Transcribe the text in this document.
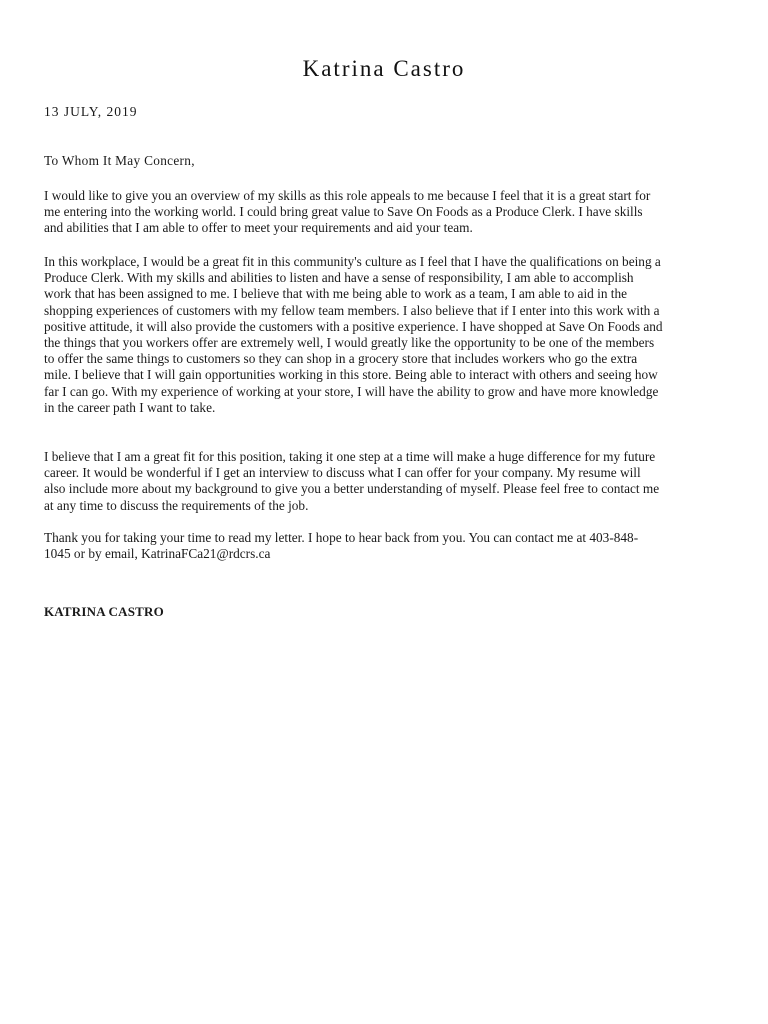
Katrina Castro
13 JULY, 2019

To Whom It May Concern,

I would like to give you an overview of my skills as this role appeals to me because I feel that it is a great start for me entering into the working world. I could bring great value to Save On Foods as a Produce Clerk. I have skills and abilities that I am able to offer to meet your requirements and aid your team.

In this workplace, I would be a great fit in this community's culture as I feel that I have the qualifications on being a Produce Clerk. With my skills and abilities to listen and have a sense of responsibility, I am able to accomplish work that has been assigned to me. I believe that with me being able to work as a team, I am able to aid in the shopping experiences of customers with my fellow team members. I also believe that if I enter into this work with a positive attitude, it will also provide the customers with a positive experience. I have shopped at Save On Foods and the things that you workers offer are extremely well, I would greatly like the opportunity to be one of the members to offer the same things to customers so they can shop in a grocery store that includes workers who go the extra mile. I believe that I will gain opportunities working in this store. Being able to interact with others and seeing how far I can go. With my experience of working at your store, I will have the ability to grow and have more knowledge in the career path I want to take.

I believe that I am a great fit for this position, taking it one step at a time will make a huge difference for my future career. It would be wonderful if I get an interview to discuss what I can offer for your company. My resume will also include more about my background to give you a better understanding of myself. Please feel free to contact me at any time to discuss the requirements of the job.

Thank you for taking your time to read my letter. I hope to hear back from you. You can contact me at 403-848-1045 or by email, KatrinaFCa21@rdcrs.ca

KATRINA CASTRO
